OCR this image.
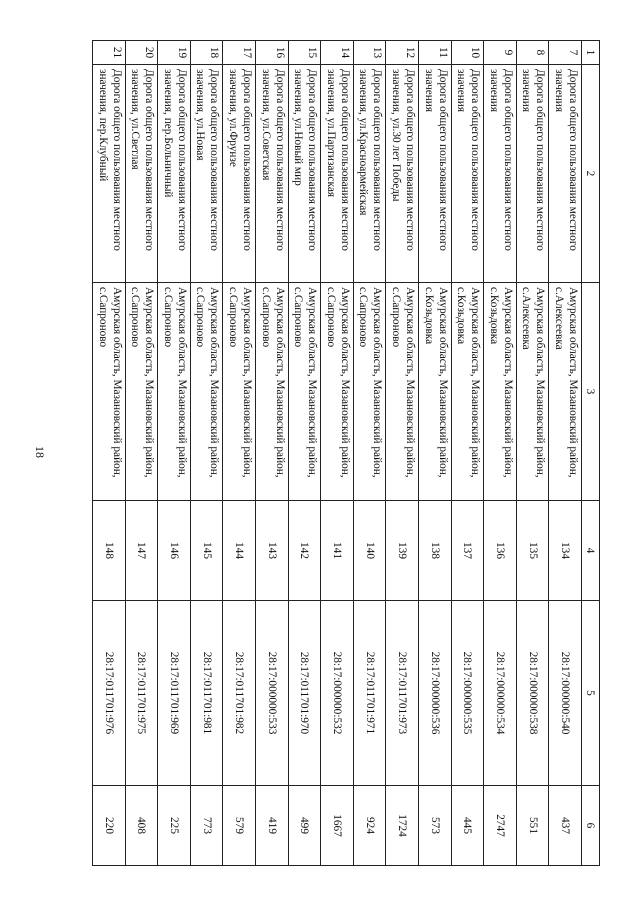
18
1	2	3	4	5	6
7	Дорога общего пользования местного значения	Амурская область, Мазановский район, с.Алексеевка	134	28:17:000000:540	437
8	Дорога общего пользования местного значения	Амурская область, Мазановский район, с.Алексеевка	135	28:17:000000:538	551
9	Дорога общего пользования местного значения	Амурская область, Мазановский район, с.Козьдовка	136	28:17:000000:534	2747
10	Дорога общего пользования местного значения	Амурская область, Мазановский район, с.Козьдовка	137	28:17:000000:535	445
11	Дорога общего пользования местного значения	Амурская область, Мазановский район, с.Козьдовка	138	28:17:000000:536	573
12	Дорога общего пользования местного значения, ул.30 лет Победы	Амурская область, Мазановский район, с.Сапроново	139	28:17:011701:973	1724
13	Дорога общего пользования местного значения, ул.Красноармейская	Амурская область, Мазановский район, с.Сапроново	140	28:17:011701:971	924
14	Дорога общего пользования местного значения, ул.Партизанская	Амурская область, Мазановский район, с.Сапроново	141	28:17:000000:532	1667
15	Дорога общего пользования местного значения, ул.Новый мир	Амурская область, Мазановский район, с.Сапроново	142	28:17:011701:970	499
16	Дорога общего пользования местного значения, ул.Советская	Амурская область, Мазановский район, с.Сапроново	143	28:17:000000:533	419
17	Дорога общего пользования местного значения, ул.Фрунзе	Амурская область, Мазановский район, с.Сапроново	144	28:17:011701:982	579
18	Дорога общего пользования местного значения, ул.Новая	Амурская область, Мазановский район, с.Сапроново	145	28:17:011701:981	773
19	Дорога общего пользования местного значения, пер.Больничный	Амурская область, Мазановский район, с.Сапроново	146	28:17:011701:969	225
20	Дорога общего пользования местного значения, ул.Светлая	Амурская область, Мазановский район, с.Сапроново	147	28:17:011701:975	408
21	Дорога общего пользования местного значения, пер.Клубный	Амурская область, Мазановский район, с.Сапроново	148	28:17:011701:976	220
